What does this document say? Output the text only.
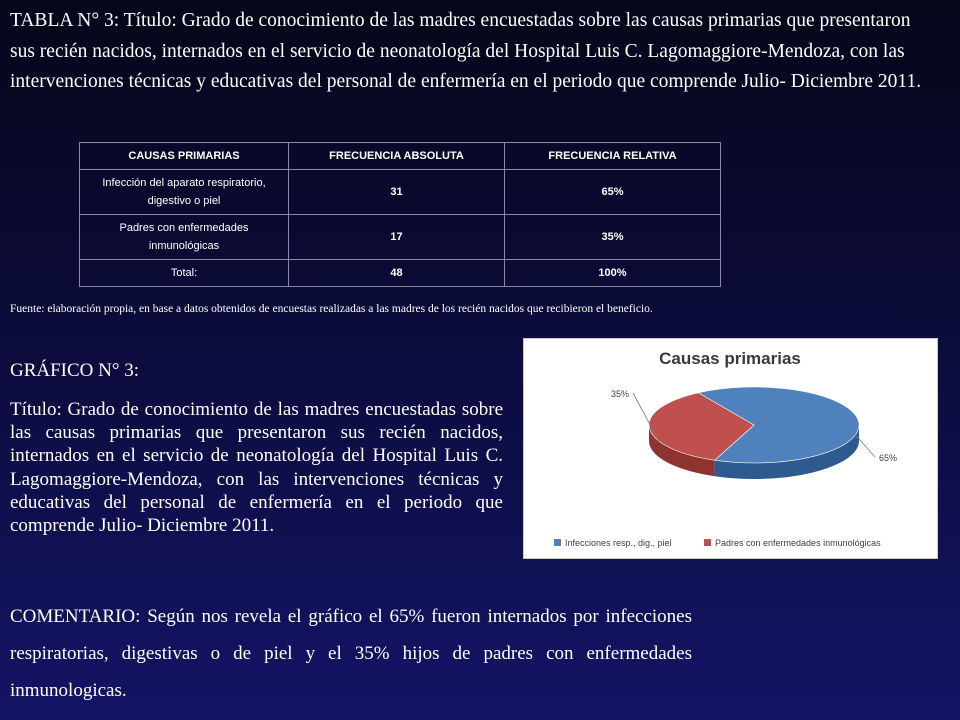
TABLA N° 3: Título: Grado de conocimiento de las madres encuestadas sobre las causas primarias que presentaron sus recién nacidos, internados en el servicio de neonatología del Hospital Luis C. Lagomaggiore-Mendoza, con las intervenciones técnicas y educativas del personal de enfermería en el periodo que comprende Julio- Diciembre 2011.
CAUSAS PRIMARIAS	FRECUENCIA ABSOLUTA	FRECUENCIA RELATIVA
Infección del aparato respiratorio, digestivo o piel	31	65%
Padres con enfermedades inmunológicas	17	35%
Total:	48	100%
Fuente: elaboración propia, en base a datos obtenidos de encuestas realizadas a las madres de los recién nacidos que recibieron el beneficio.
GRÁFICO N° 3:
Título: Grado de conocimiento de las madres encuestadas sobre las causas primarias que presentaron sus recién nacidos, internados en el servicio de neonatología del Hospital Luis C. Lagomaggiore-Mendoza, con las intervenciones técnicas y educativas del personal de enfermería en el periodo que comprende Julio- Diciembre 2011.
Causas primarias
65%
35%
Infecciones resp., dig., piel	Padres con enfermedades inmunológicas
COMENTARIO: Según nos revela el gráfico el 65% fueron internados por infecciones respiratorias, digestivas o de piel y el 35% hijos de padres con enfermedades inmunologicas.
